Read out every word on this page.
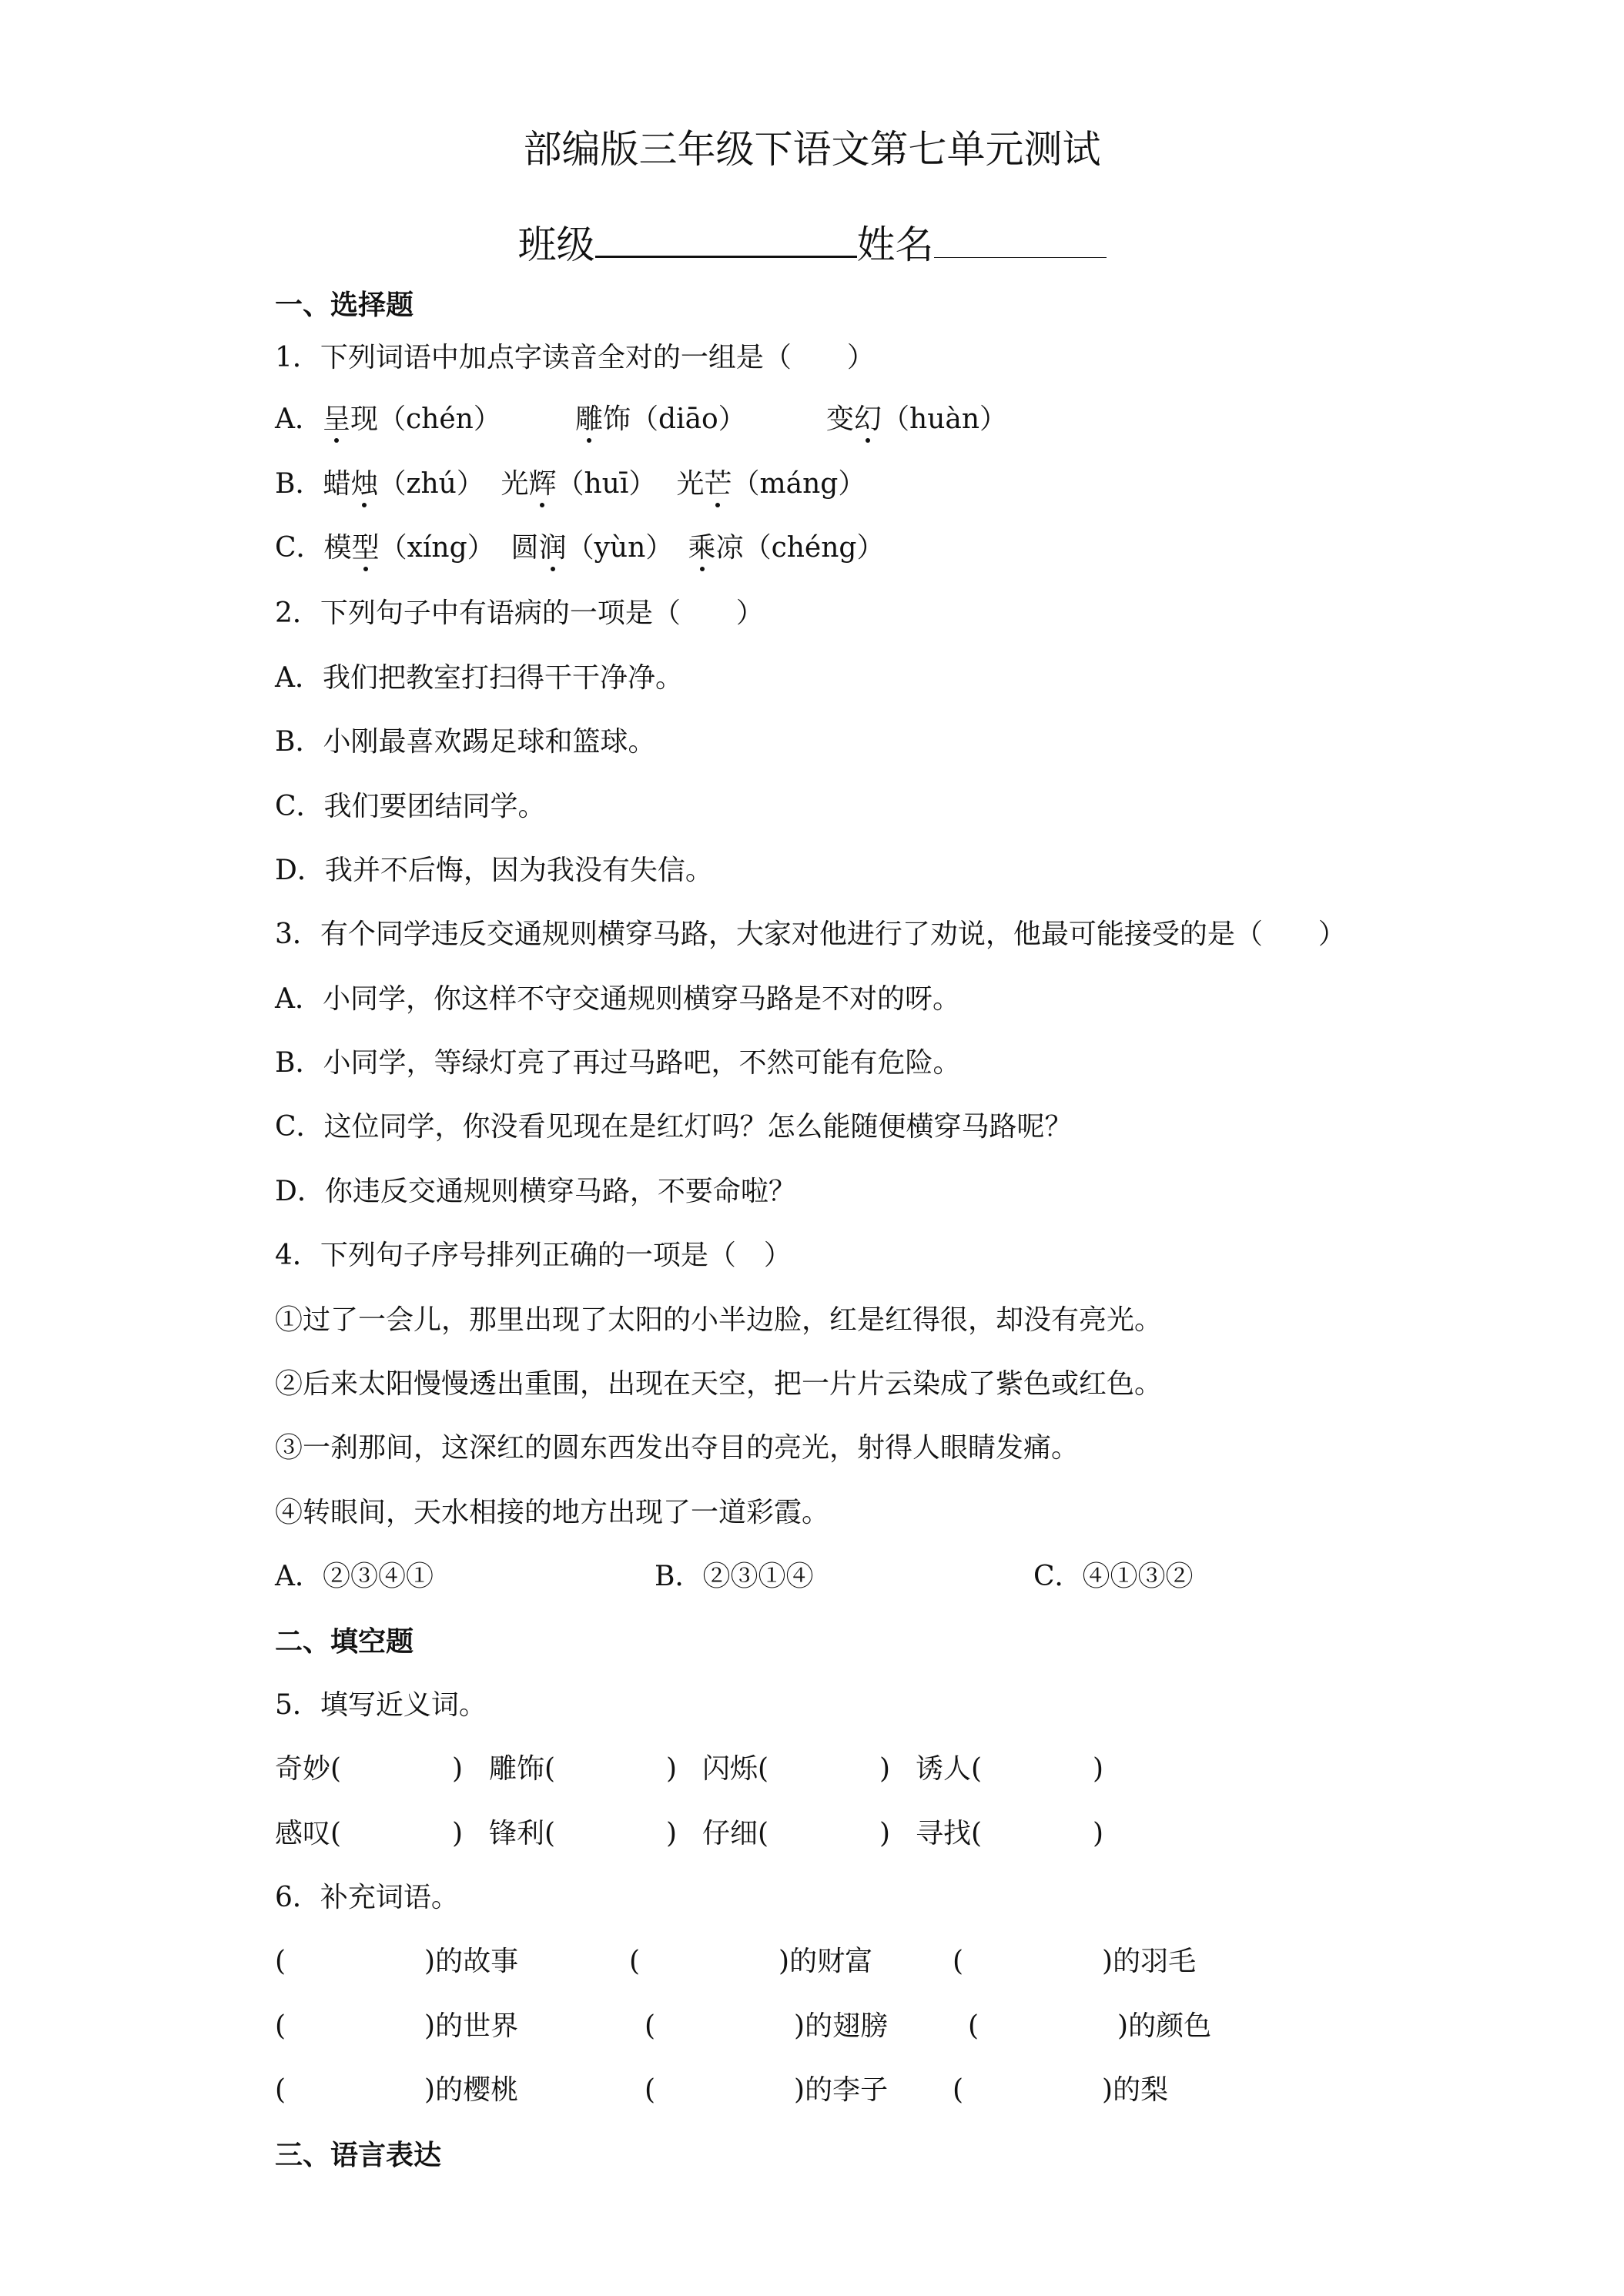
部编版三年级下语文第七单元测试
班级	姓名
一、选择题
1．下列词语中加点字读音全对的一组是（　　）
A．呈现（chén）	雕饰（diāo）	变幻（huàn）
B．蜡烛（zhú） 光辉（huī） 光芒（máng）
C．模型（xíng） 圆润（yùn） 乘凉（chéng）
2．下列句子中有语病的一项是（　　）
A．我们把教室打扫得干干净净。
B．小刚最喜欢踢足球和篮球。
C．我们要团结同学。
D．我并不后悔，因为我没有失信。
3．有个同学违反交通规则横穿马路，大家对他进行了劝说，他最可能接受的是（　　）
A．小同学，你这样不守交通规则横穿马路是不对的呀。
B．小同学，等绿灯亮了再过马路吧，不然可能有危险。
C．这位同学，你没看见现在是红灯吗？怎么能随便横穿马路呢？
D．你违反交通规则横穿马路，不要命啦？
4．下列句子序号排列正确的一项是（　）
①过了一会儿，那里出现了太阳的小半边脸，红是红得很，却没有亮光。
②后来太阳慢慢透出重围，出现在天空，把一片片云染成了紫色或红色。
③一刹那间，这深红的圆东西发出夺目的亮光，射得人眼睛发痛。
④转眼间，天水相接的地方出现了一道彩霞。
A．②③④①	B．②③①④	C．④①③②
二、填空题
5．填写近义词。
奇妙(　　　　) 雕饰(　　　　) 闪烁(　　　　) 诱人(　　　　)
感叹(　　　　) 锋利(　　　　) 仔细(　　　　) 寻找(　　　　)
6．补充词语。
(　　　　　)的故事	(　　　　　)的财富	(　　　　　)的羽毛
(　　　　　)的世界	(　　　　　)的翅膀	(　　　　　)的颜色
(　　　　　)的樱桃	(　　　　　)的李子 (　　　　　)的梨
三、语言表达
